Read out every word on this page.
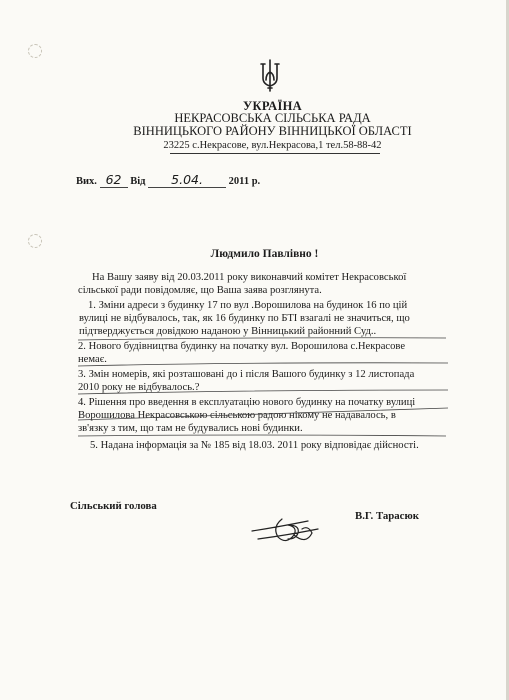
УКРАЇНА
НЕКРАСОВСЬКА СІЛЬСЬКА РАДА
ВІННИЦЬКОГО РАЙОНУ ВІННИЦЬКОЇ ОБЛАСТІ
23225 с.Некрасове, вул.Некрасова,1 тел.58-88-42
Вих. 62 Від 5.04. 2011 р.
Людмило Павлівно !
На Вашу заяву від 20.03.2011 року виконавчий комітет Некрасовської
сільської ради повідомляє, що Ваша заява розглянута.
1. Зміни адреси з будинку 17 по вул .Ворошилова на будинок 16 по цій
вулиці не відбувалось, так, як 16 будинку по БТІ взагалі не значиться, що
підтверджується довідкою наданою у Вінницький районний Суд..
2. Нового будівництва будинку на початку вул. Ворошилова с.Некрасове
немає.
3. Змін номерів, які розташовані до і після Вашого будинку з 12 листопада
2010 року не відбувалось.?
4. Рішення про введення в експлуатацію нового будинку на початку вулиці
Ворошилова Некрасовською сільською радою нікому не надавалось, в
зв'язку з тим, що там не будувались нові будинки.
5. Надана інформація за № 185 від 18.03. 2011 року відповідає дійсності.
Сільський голова
В.Г. Тарасюк
